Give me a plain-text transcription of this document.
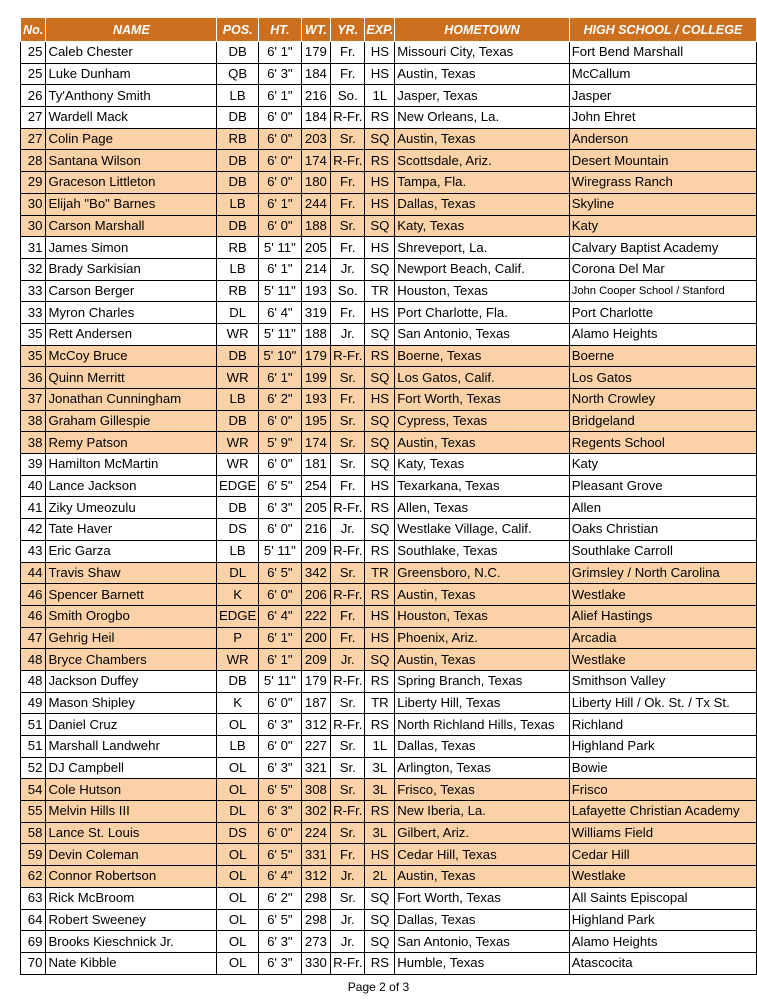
No.	NAME	POS.	HT.	WT.	YR.	EXP.	HOMETOWN	HIGH SCHOOL / COLLEGE
25	Caleb Chester	DB	6' 1"	179	Fr.	HS	Missouri City, Texas	Fort Bend Marshall
25	Luke Dunham	QB	6' 3"	184	Fr.	HS	Austin, Texas	McCallum
26	Ty'Anthony Smith	LB	6' 1"	216	So.	1L	Jasper, Texas	Jasper
27	Wardell Mack	DB	6' 0"	184	R-Fr.	RS	New Orleans, La.	John Ehret
27	Colin Page	RB	6' 0"	203	Sr.	SQ	Austin, Texas	Anderson
28	Santana Wilson	DB	6' 0"	174	R-Fr.	RS	Scottsdale, Ariz.	Desert Mountain
29	Graceson Littleton	DB	6' 0"	180	Fr.	HS	Tampa, Fla.	Wiregrass Ranch
30	Elijah "Bo" Barnes	LB	6' 1"	244	Fr.	HS	Dallas, Texas	Skyline
30	Carson Marshall	DB	6' 0"	188	Sr.	SQ	Katy, Texas	Katy
31	James Simon	RB	5' 11"	205	Fr.	HS	Shreveport, La.	Calvary Baptist Academy
32	Brady Sarkisian	LB	6' 1"	214	Jr.	SQ	Newport Beach, Calif.	Corona Del Mar
33	Carson Berger	RB	5' 11"	193	So.	TR	Houston, Texas	John Cooper School / Stanford
33	Myron Charles	DL	6' 4"	319	Fr.	HS	Port Charlotte, Fla.	Port Charlotte
35	Rett Andersen	WR	5' 11"	188	Jr.	SQ	San Antonio, Texas	Alamo Heights
35	McCoy Bruce	DB	5' 10"	179	R-Fr.	RS	Boerne, Texas	Boerne
36	Quinn Merritt	WR	6' 1"	199	Sr.	SQ	Los Gatos, Calif.	Los Gatos
37	Jonathan Cunningham	LB	6' 2"	193	Fr.	HS	Fort Worth, Texas	North Crowley
38	Graham Gillespie	DB	6' 0"	195	Sr.	SQ	Cypress, Texas	Bridgeland
38	Remy Patson	WR	5' 9"	174	Sr.	SQ	Austin, Texas	Regents School
39	Hamilton McMartin	WR	6' 0"	181	Sr.	SQ	Katy, Texas	Katy
40	Lance Jackson	EDGE	6' 5"	254	Fr.	HS	Texarkana, Texas	Pleasant Grove
41	Ziky Umeozulu	DB	6' 3"	205	R-Fr.	RS	Allen, Texas	Allen
42	Tate Haver	DS	6' 0"	216	Jr.	SQ	Westlake Village, Calif.	Oaks Christian
43	Eric Garza	LB	5' 11"	209	R-Fr.	RS	Southlake, Texas	Southlake Carroll
44	Travis Shaw	DL	6' 5"	342	Sr.	TR	Greensboro, N.C.	Grimsley / North Carolina
46	Spencer Barnett	K	6' 0"	206	R-Fr.	RS	Austin, Texas	Westlake
46	Smith Orogbo	EDGE	6' 4"	222	Fr.	HS	Houston, Texas	Alief Hastings
47	Gehrig Heil	P	6' 1"	200	Fr.	HS	Phoenix, Ariz.	Arcadia
48	Bryce Chambers	WR	6' 1"	209	Jr.	SQ	Austin, Texas	Westlake
48	Jackson Duffey	DB	5' 11"	179	R-Fr.	RS	Spring Branch, Texas	Smithson Valley
49	Mason Shipley	K	6' 0"	187	Sr.	TR	Liberty Hill, Texas	Liberty Hill / Ok. St. / Tx St.
51	Daniel Cruz	OL	6' 3"	312	R-Fr.	RS	North Richland Hills, Texas	Richland
51	Marshall Landwehr	LB	6' 0"	227	Sr.	1L	Dallas, Texas	Highland Park
52	DJ Campbell	OL	6' 3"	321	Sr.	3L	Arlington, Texas	Bowie
54	Cole Hutson	OL	6' 5"	308	Sr.	3L	Frisco, Texas	Frisco
55	Melvin Hills III	DL	6' 3"	302	R-Fr.	RS	New Iberia, La.	Lafayette Christian Academy
58	Lance St. Louis	DS	6' 0"	224	Sr.	3L	Gilbert, Ariz.	Williams Field
59	Devin Coleman	OL	6' 5"	331	Fr.	HS	Cedar Hill, Texas	Cedar Hill
62	Connor Robertson	OL	6' 4"	312	Jr.	2L	Austin, Texas	Westlake
63	Rick McBroom	OL	6' 2"	298	Sr.	SQ	Fort Worth, Texas	All Saints Episcopal
64	Robert Sweeney	OL	6' 5"	298	Jr.	SQ	Dallas, Texas	Highland Park
69	Brooks Kieschnick Jr.	OL	6' 3"	273	Jr.	SQ	San Antonio, Texas	Alamo Heights
70	Nate Kibble	OL	6' 3"	330	R-Fr.	RS	Humble, Texas	Atascocita
Page 2 of 3
